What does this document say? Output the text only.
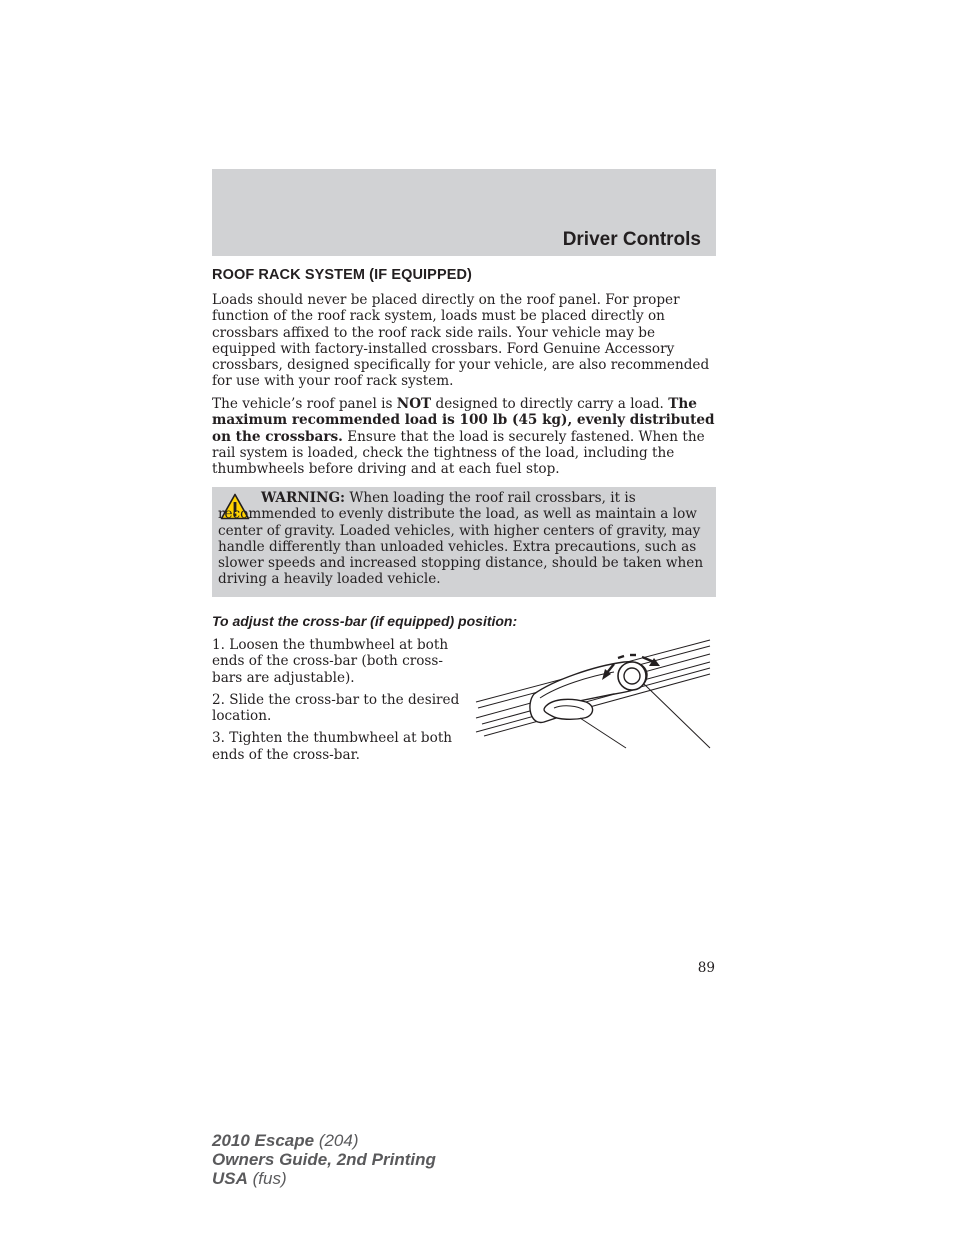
Driver Controls
ROOF RACK SYSTEM (IF EQUIPPED)
Loads should never be placed directly on the roof panel. For proper function of the roof rack system, loads must be placed directly on crossbars affixed to the roof rack side rails. Your vehicle may be equipped with factory-installed crossbars. Ford Genuine Accessory crossbars, designed specifically for your vehicle, are also recommended for use with your roof rack system.
The vehicle’s roof panel is NOT designed to directly carry a load. The maximum recommended load is 100 lb (45 kg), evenly distributed on the crossbars. Ensure that the load is securely fastened. When the rail system is loaded, check the tightness of the load, including the thumbwheels before driving and at each fuel stop.
WARNING: When loading the roof rail crossbars, it is recommended to evenly distribute the load, as well as maintain a low center of gravity. Loaded vehicles, with higher centers of gravity, may handle differently than unloaded vehicles. Extra precautions, such as slower speeds and increased stopping distance, should be taken when driving a heavily loaded vehicle.
To adjust the cross-bar (if equipped) position:
1. Loosen the thumbwheel at both ends of the cross-bar (both cross-bars are adjustable).
2. Slide the cross-bar to the desired location.
3. Tighten the thumbwheel at both ends of the cross-bar.
89
2010 Escape (204)
Owners Guide, 2nd Printing
USA (fus)
